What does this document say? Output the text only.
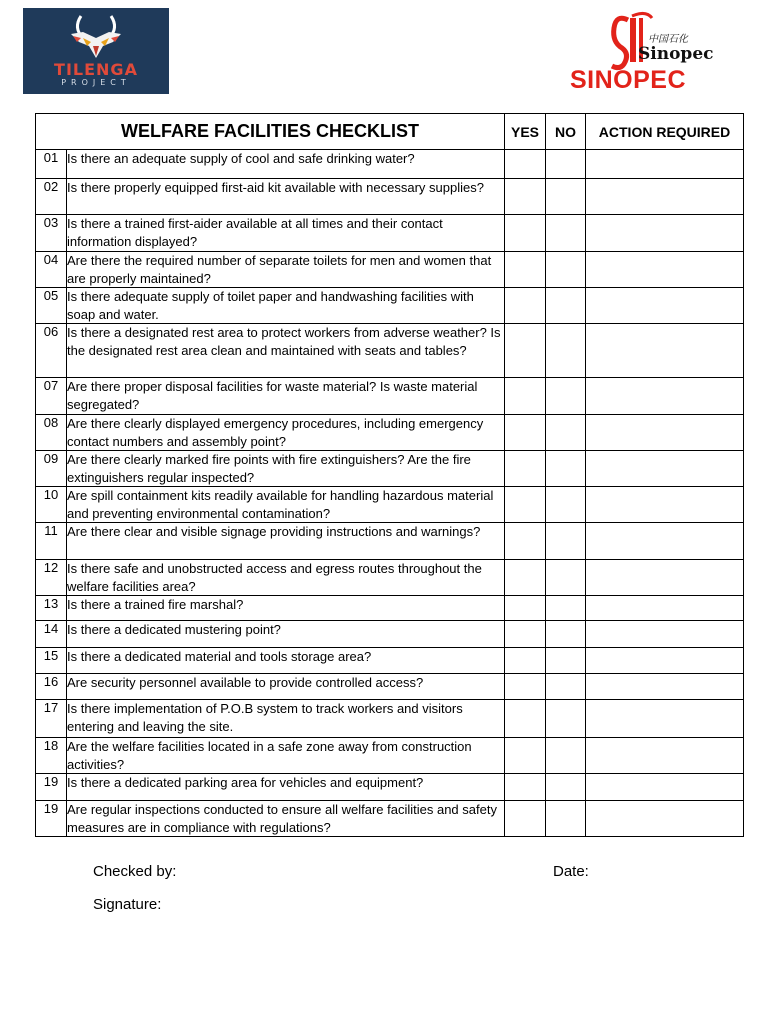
TILENGA
PROJECT
中国石化
Sinopec
SINOPEC
WELFARE FACILITIES CHECKLIST		YES	NO	ACTION REQUIRED
01	Is there an adequate supply of cool and safe drinking water?			
02	Is there properly equipped first-aid kit available with necessary supplies?			
03	Is there a trained first-aider available at all times and their contact information displayed?			
04	Are there the required number of separate toilets for men and women that are properly maintained?			
05	Is there adequate supply of toilet paper and handwashing facilities with soap and water.			
06	Is there a designated rest area to protect workers from adverse weather? Is the designated rest area clean and maintained with seats and tables?			
07	Are there proper disposal facilities for waste material? Is waste material segregated?			
08	Are there clearly displayed emergency procedures, including emergency contact numbers and assembly point?			
09	Are there clearly marked fire points with fire extinguishers? Are the fire extinguishers regular inspected?			
10	Are spill containment kits readily available for handling hazardous material and preventing environmental contamination?			
11	Are there clear and visible signage providing instructions and warnings?			
12	Is there safe and unobstructed access and egress routes throughout the welfare facilities area?			
13	Is there a trained fire marshal?			
14	Is there a dedicated mustering point?			
15	Is there a dedicated material and tools storage area?			
16	Are security personnel available to provide controlled access?			
17	Is there implementation of P.O.B system to track workers and visitors entering and leaving the site.			
18	Are the welfare facilities located in a safe zone away from construction activities?			
19	Is there a dedicated parking area for vehicles and equipment?			
19	Are regular inspections conducted to ensure all welfare facilities and safety measures are in compliance with regulations?			
Checked by:	Date:
Signature:
